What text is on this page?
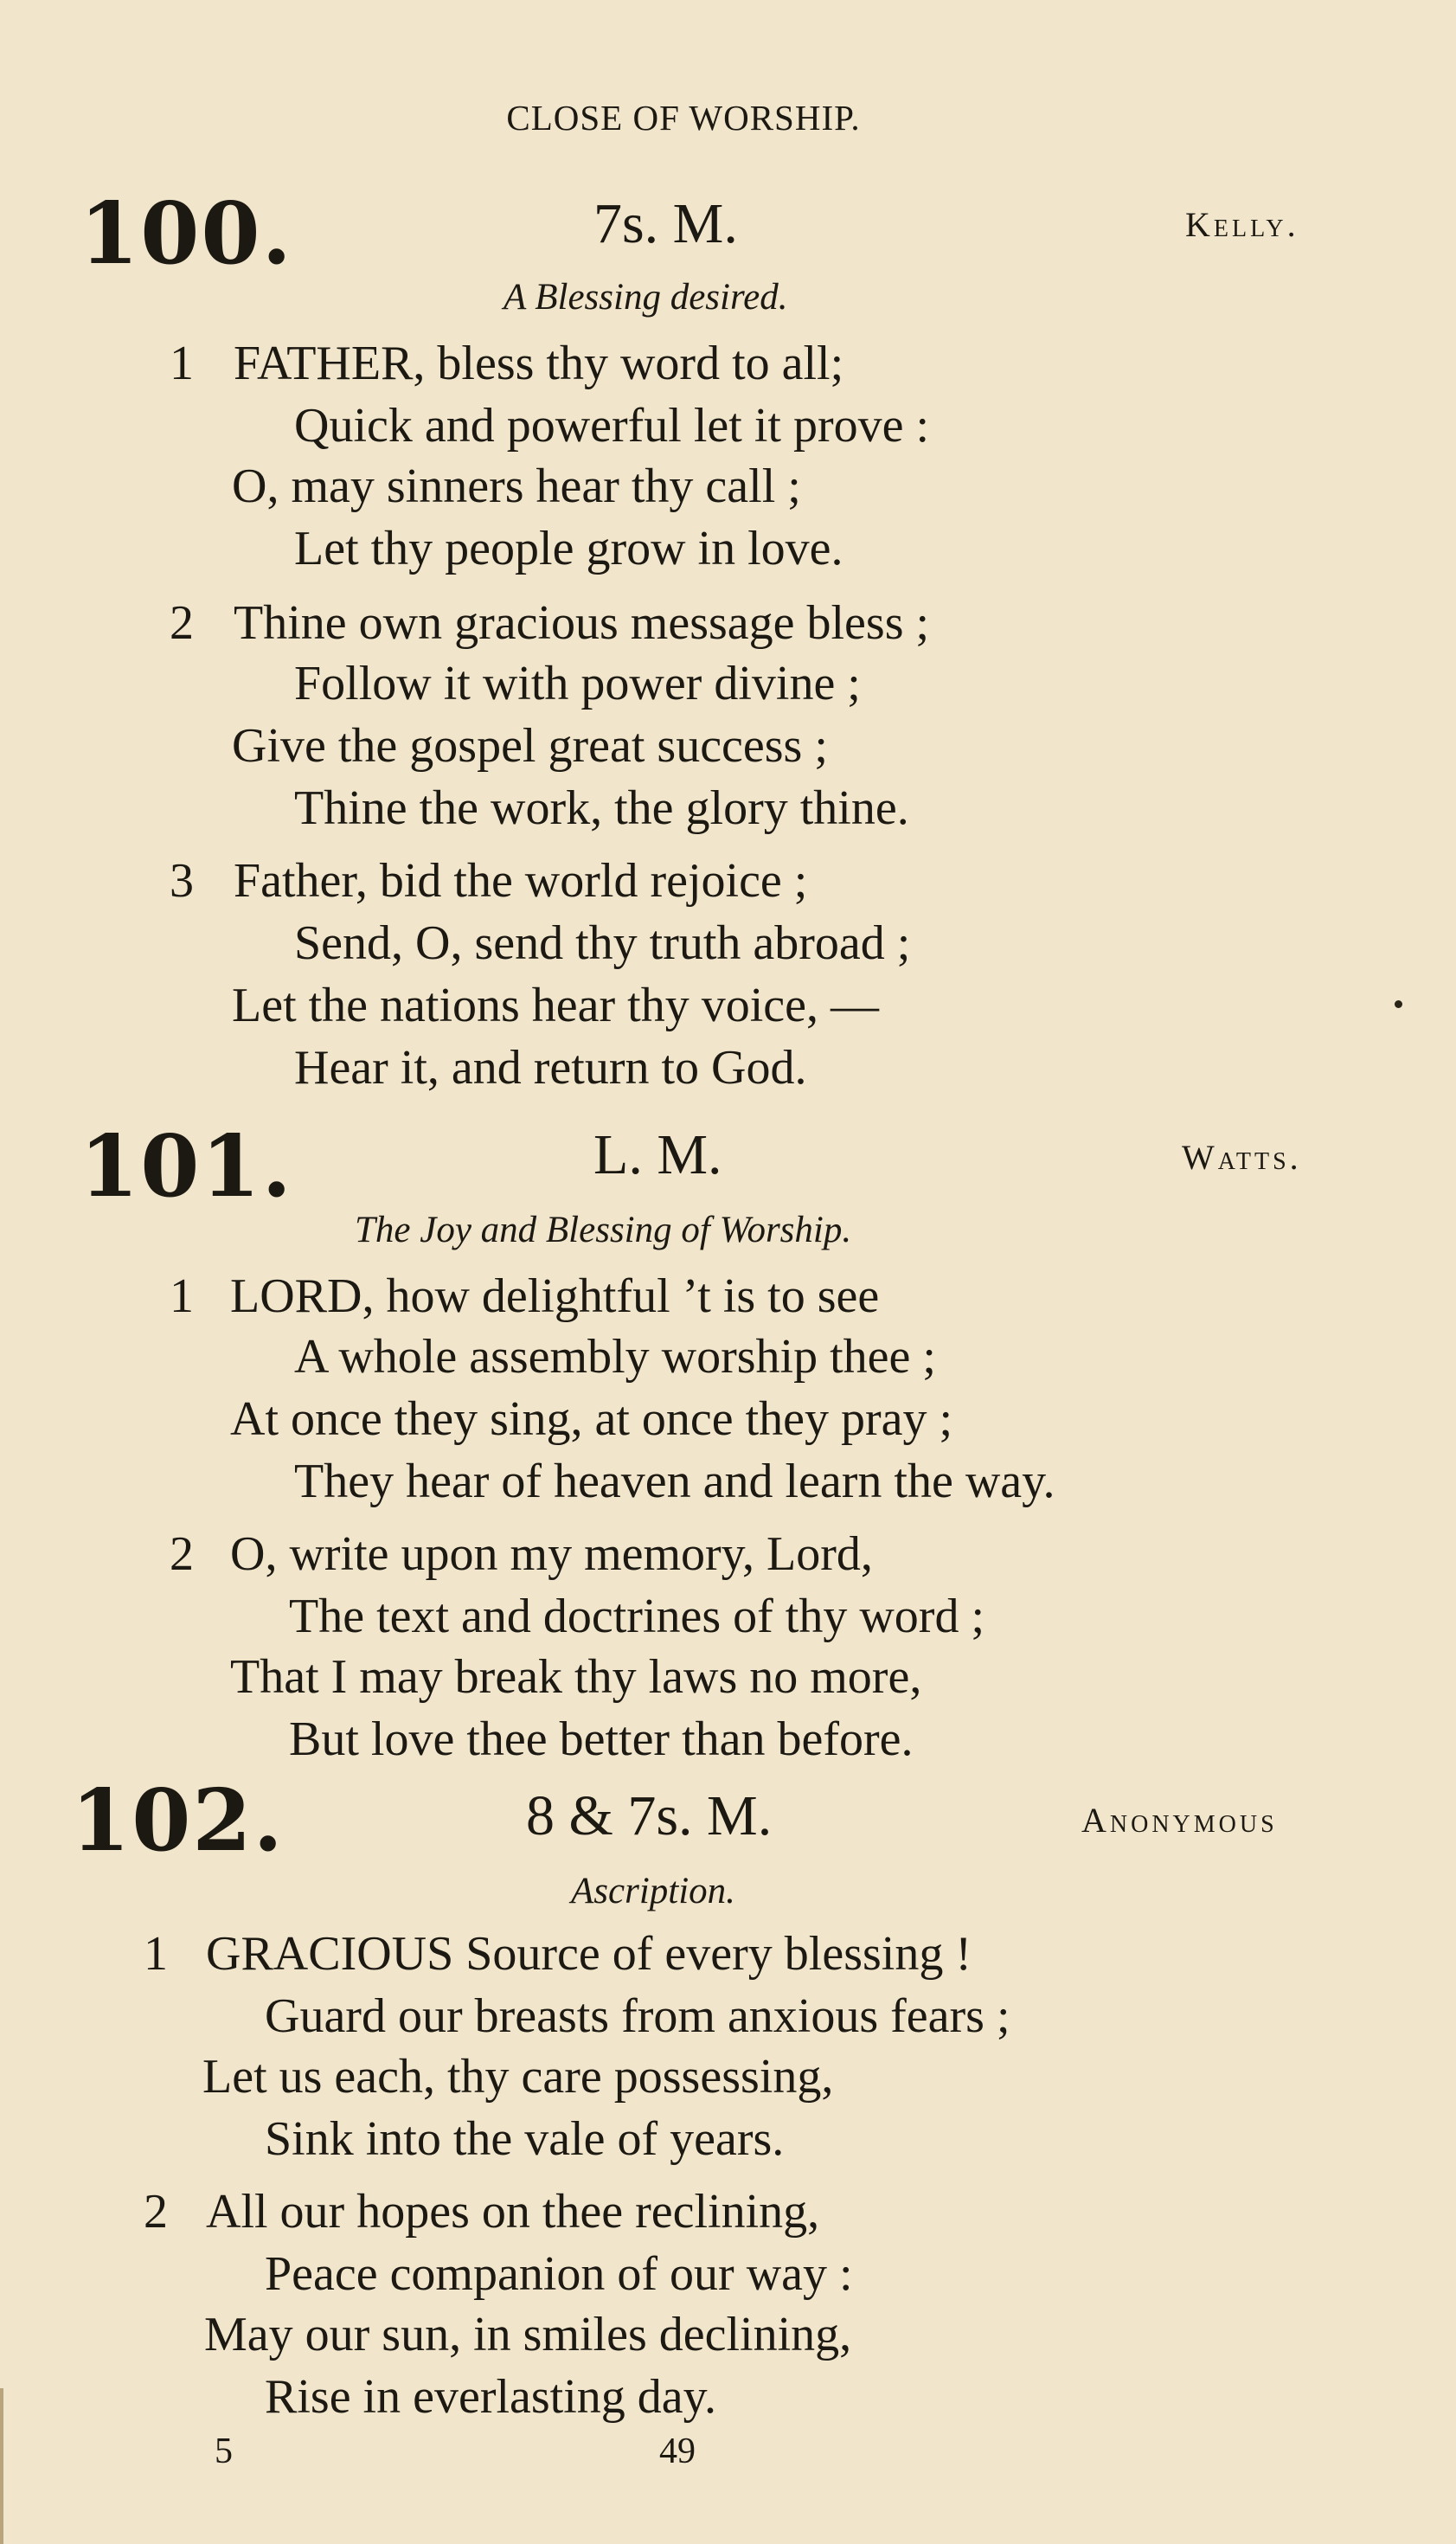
CLOSE OF WORSHIP.
100.	7s. M.	Kelly.
A Blessing desired.
1 FATHER, bless thy word to all;
Quick and powerful let it prove :
O, may sinners hear thy call ;
Let thy people grow in love.
2 Thine own gracious message bless ;
Follow it with power divine ;
Give the gospel great success ;
Thine the work, the glory thine.
3 Father, bid the world rejoice ;
Send, O, send thy truth abroad ;
Let the nations hear thy voice, —
Hear it, and return to God.
101.	L. M.	Watts.
The Joy and Blessing of Worship.
1 LORD, how delightful ’t is to see
A whole assembly worship thee ;
At once they sing, at once they pray ;
They hear of heaven and learn the way.
2 O, write upon my memory, Lord,
The text and doctrines of thy word ;
That I may break thy laws no more,
But love thee better than before.
102.	8 & 7s. M.	Anonymous
Ascription.
1 GRACIOUS Source of every blessing !
Guard our breasts from anxious fears ;
Let us each, thy care possessing,
Sink into the vale of years.
2 All our hopes on thee reclining,
Peace companion of our way :
May our sun, in smiles declining,
Rise in everlasting day.
5	49
